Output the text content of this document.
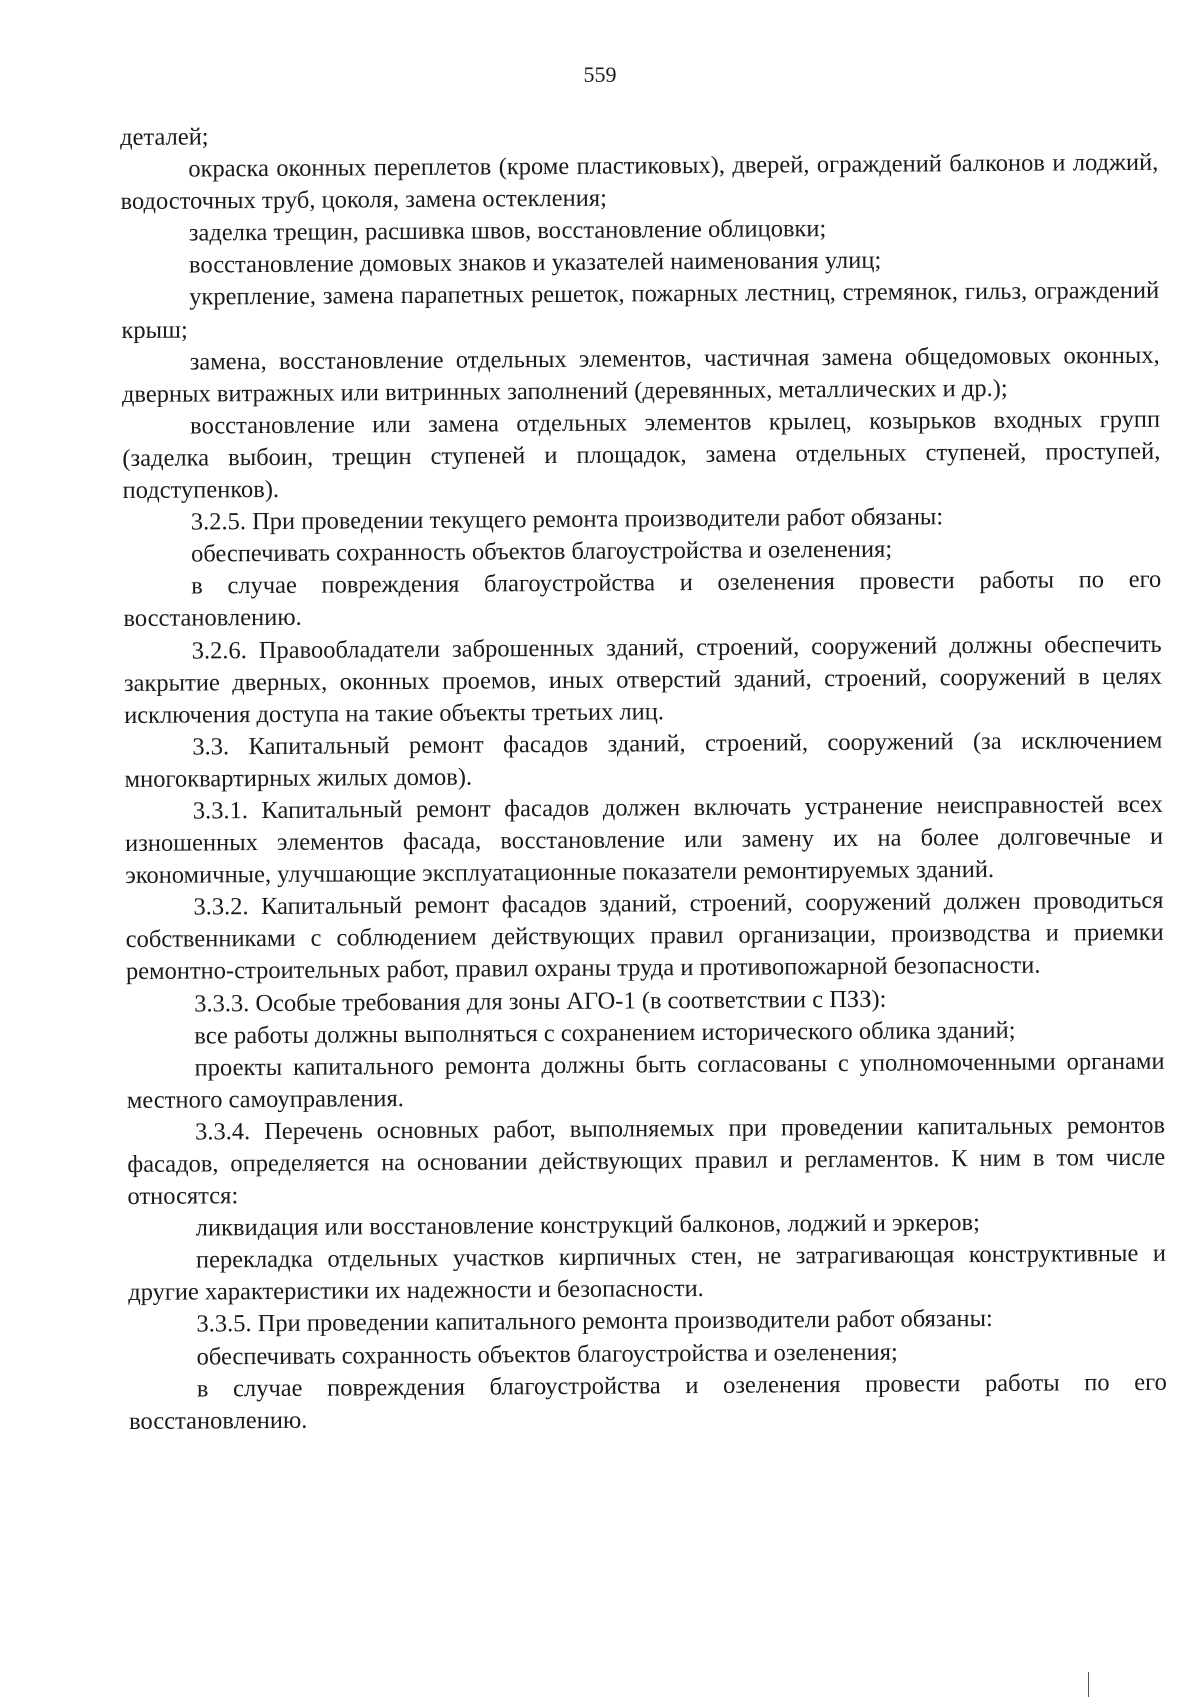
559

деталей;

окраска оконных переплетов (кроме пластиковых), дверей, ограждений балконов и лоджий, водосточных труб, цоколя, замена остекления;

заделка трещин, расшивка швов, восстановление облицовки;

восстановление домовых знаков и указателей наименования улиц;

укрепление, замена парапетных решеток, пожарных лестниц, стремянок, гильз, ограждений крыш;

замена, восстановление отдельных элементов, частичная замена общедомовых оконных, дверных витражных или витринных заполнений (деревянных, металлических и др.);

восстановление или замена отдельных элементов крылец, козырьков входных групп (заделка выбоин, трещин ступеней и площадок, замена отдельных ступеней, проступей, подступенков).

3.2.5. При проведении текущего ремонта производители работ обязаны:

обеспечивать сохранность объектов благоустройства и озеленения;

в случае повреждения благоустройства и озеленения провести работы по его восстановлению.

3.2.6. Правообладатели заброшенных зданий, строений, сооружений должны обеспечить закрытие дверных, оконных проемов, иных отверстий зданий, строений, сооружений в целях исключения доступа на такие объекты третьих лиц.

3.3. Капитальный ремонт фасадов зданий, строений, сооружений (за исключением многоквартирных жилых домов).

3.3.1. Капитальный ремонт фасадов должен включать устранение неисправностей всех изношенных элементов фасада, восстановление или замену их на более долговечные и экономичные, улучшающие эксплуатационные показатели ремонтируемых зданий.

3.3.2. Капитальный ремонт фасадов зданий, строений, сооружений должен проводиться собственниками с соблюдением действующих правил организации, производства и приемки ремонтно-строительных работ, правил охраны труда и противопожарной безопасности.

3.3.3. Особые требования для зоны АГО-1 (в соответствии с ПЗЗ):

все работы должны выполняться с сохранением исторического облика зданий;

проекты капитального ремонта должны быть согласованы с уполномоченными органами местного самоуправления.

3.3.4. Перечень основных работ, выполняемых при проведении капитальных ремонтов фасадов, определяется на основании действующих правил и регламентов. К ним в том числе относятся:

ликвидация или восстановление конструкций балконов, лоджий и эркеров;

перекладка отдельных участков кирпичных стен, не затрагивающая конструктивные и другие характеристики их надежности и безопасности.

3.3.5. При проведении капитального ремонта производители работ обязаны:

обеспечивать сохранность объектов благоустройства и озеленения;

в случае повреждения благоустройства и озеленения провести работы по его восстановлению.
